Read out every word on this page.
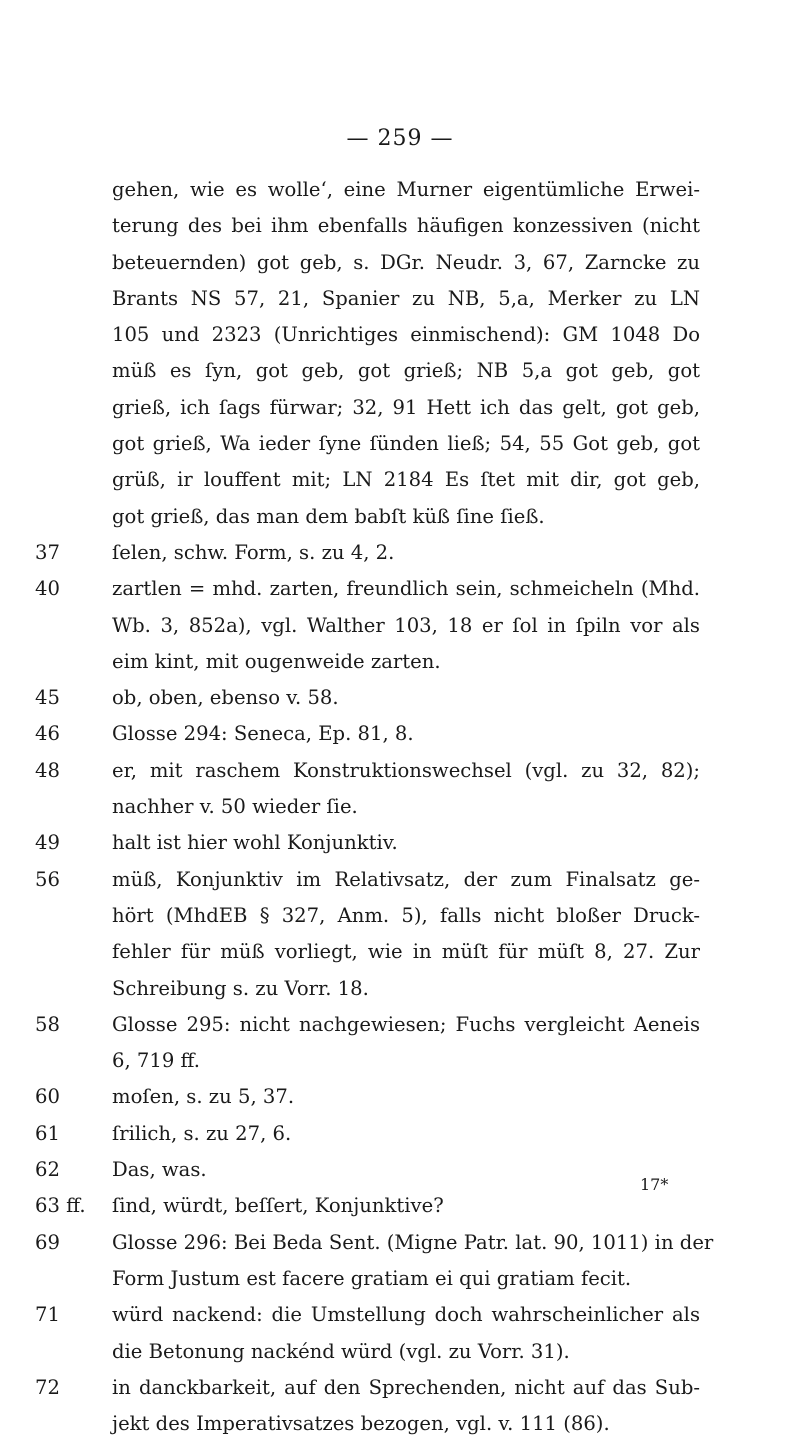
— 259 —
gehen, wie es wolle‘, eine Murner eigentümliche Erwei-
terung des bei ihm ebenfalls häufigen konzessiven (nicht
beteuernden) got geb, s. DGr. Neudr. 3, 67, Zarncke zu
Brants NS 57, 21, Spanier zu NB, 5,a, Merker zu LN
105 und 2323 (Unrichtiges einmischend): GM 1048 Do
müß es ſyn, got geb, got grieß; NB 5,a got geb, got
grieß, ich ſags fürwar; 32, 91 Hett ich das gelt, got geb,
got grieß, Wa ieder ſyne ſünden ließ; 54, 55 Got geb, got
grüß, ir louffent mit; LN 2184 Es ſtet mit dir, got geb,
got grieß, das man dem babſt küß ſine ſieß.
37	ſelen, schw. Form, s. zu 4, 2.
40	zartlen = mhd. zarten, freundlich sein, schmeicheln (Mhd.
Wb. 3, 852a), vgl. Walther 103, 18 er ſol in ſpiln vor als
eim kint, mit ougenweide zarten.
45	ob, oben, ebenso v. 58.
46	Glosse 294: Seneca, Ep. 81, 8.
48	er, mit raschem Konstruktionswechsel (vgl. zu 32, 82);
nachher v. 50 wieder ſie.
49	halt ist hier wohl Konjunktiv.
56	müß, Konjunktiv im Relativsatz, der zum Finalsatz ge-
hört (MhdEB § 327, Anm. 5), falls nicht bloßer Druck-
fehler für müß vorliegt, wie in müſt für müſt 8, 27. Zur
Schreibung s. zu Vorr. 18.
58	Glosse 295: nicht nachgewiesen; Fuchs vergleicht Aeneis
6, 719 ff.
60	moſen, s. zu 5, 37.
61	ſrilich, s. zu 27, 6.
62	Das, was.
63 ff.	ſind, würdt, beſſert, Konjunktive?
69	Glosse 296: Bei Beda Sent. (Migne Patr. lat. 90, 1011) in der
Form Justum est facere gratiam ei qui gratiam fecit.
71	würd nackend: die Umstellung doch wahrscheinlicher als
die Betonung nackénd würd (vgl. zu Vorr. 31).
72	in danckbarkeit, auf den Sprechenden, nicht auf das Sub-
jekt des Imperativsatzes bezogen, vgl. v. 111 (86).
17*
